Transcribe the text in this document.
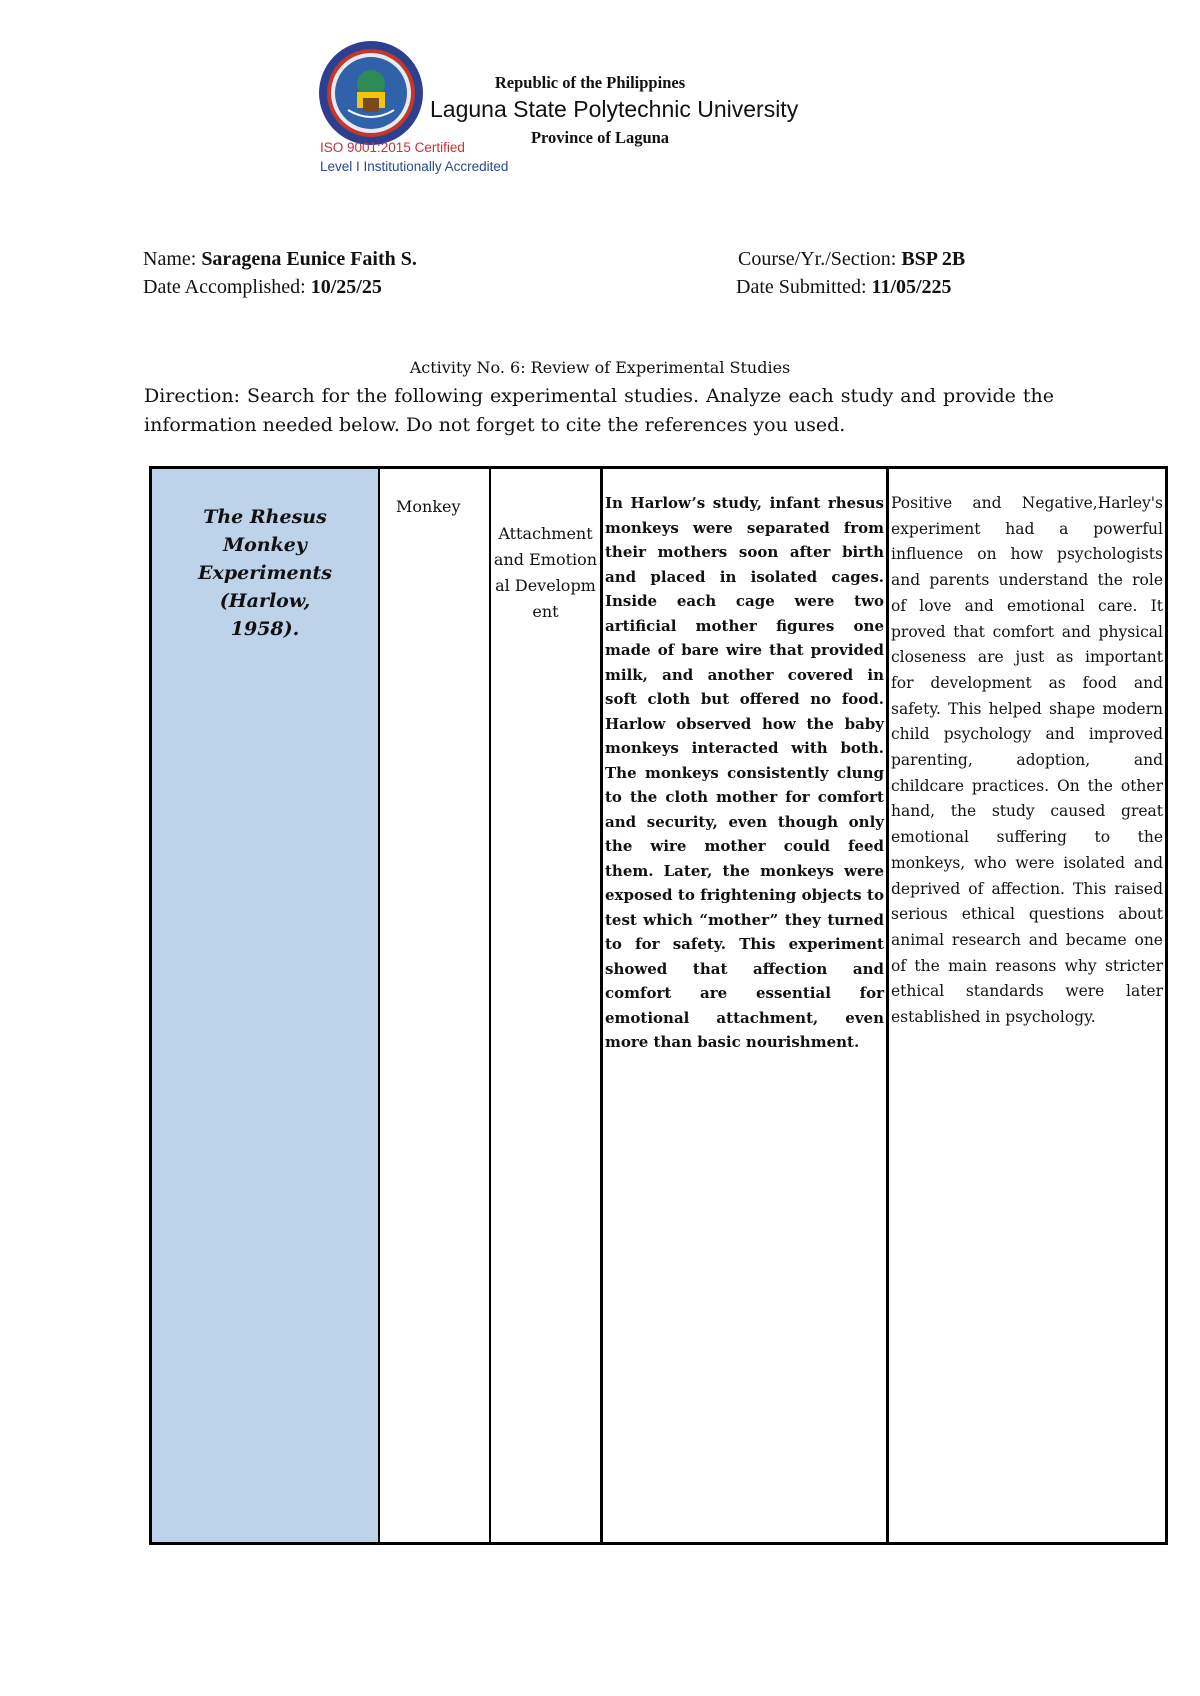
ISO 9001:2015 Certified
Level I Institutionally Accredited
Republic of the Philippines
Laguna State Polytechnic University
Province of Laguna
Name: Saragena Eunice Faith S.	Course/Yr./Section: BSP 2B
Date Accomplished: 10/25/25	Date Submitted: 11/05/225
Activity No. 6: Review of Experimental Studies

Direction: Search for the following experimental studies. Analyze each study and provide the information needed below. Do not forget to cite the references you used.

The Rhesus Monkey Experiments (Harlow, 1958).
Monkey
Attachment and Emotional Development
In Harlow’s study, infant rhesus monkeys were separated from their mothers soon after birth and placed in isolated cages. Inside each cage were two artificial mother figures one made of bare wire that provided milk, and another covered in soft cloth but offered no food. Harlow observed how the baby monkeys interacted with both. The monkeys consistently clung to the cloth mother for comfort and security, even though only the wire mother could feed them. Later, the monkeys were exposed to frightening objects to test which “mother” they turned to for safety. This experiment showed that affection and comfort are essential for emotional attachment, even more than basic nourishment.
Positive and Negative,Harley's experiment had a powerful influence on how psychologists and parents understand the role of love and emotional care. It proved that comfort and physical closeness are just as important for development as food and safety. This helped shape modern child psychology and improved parenting, adoption, and childcare practices. On the other hand, the study caused great emotional suffering to the monkeys, who were isolated and deprived of affection. This raised serious ethical questions about animal research and became one of the main reasons why stricter ethical standards were later established in psychology.
